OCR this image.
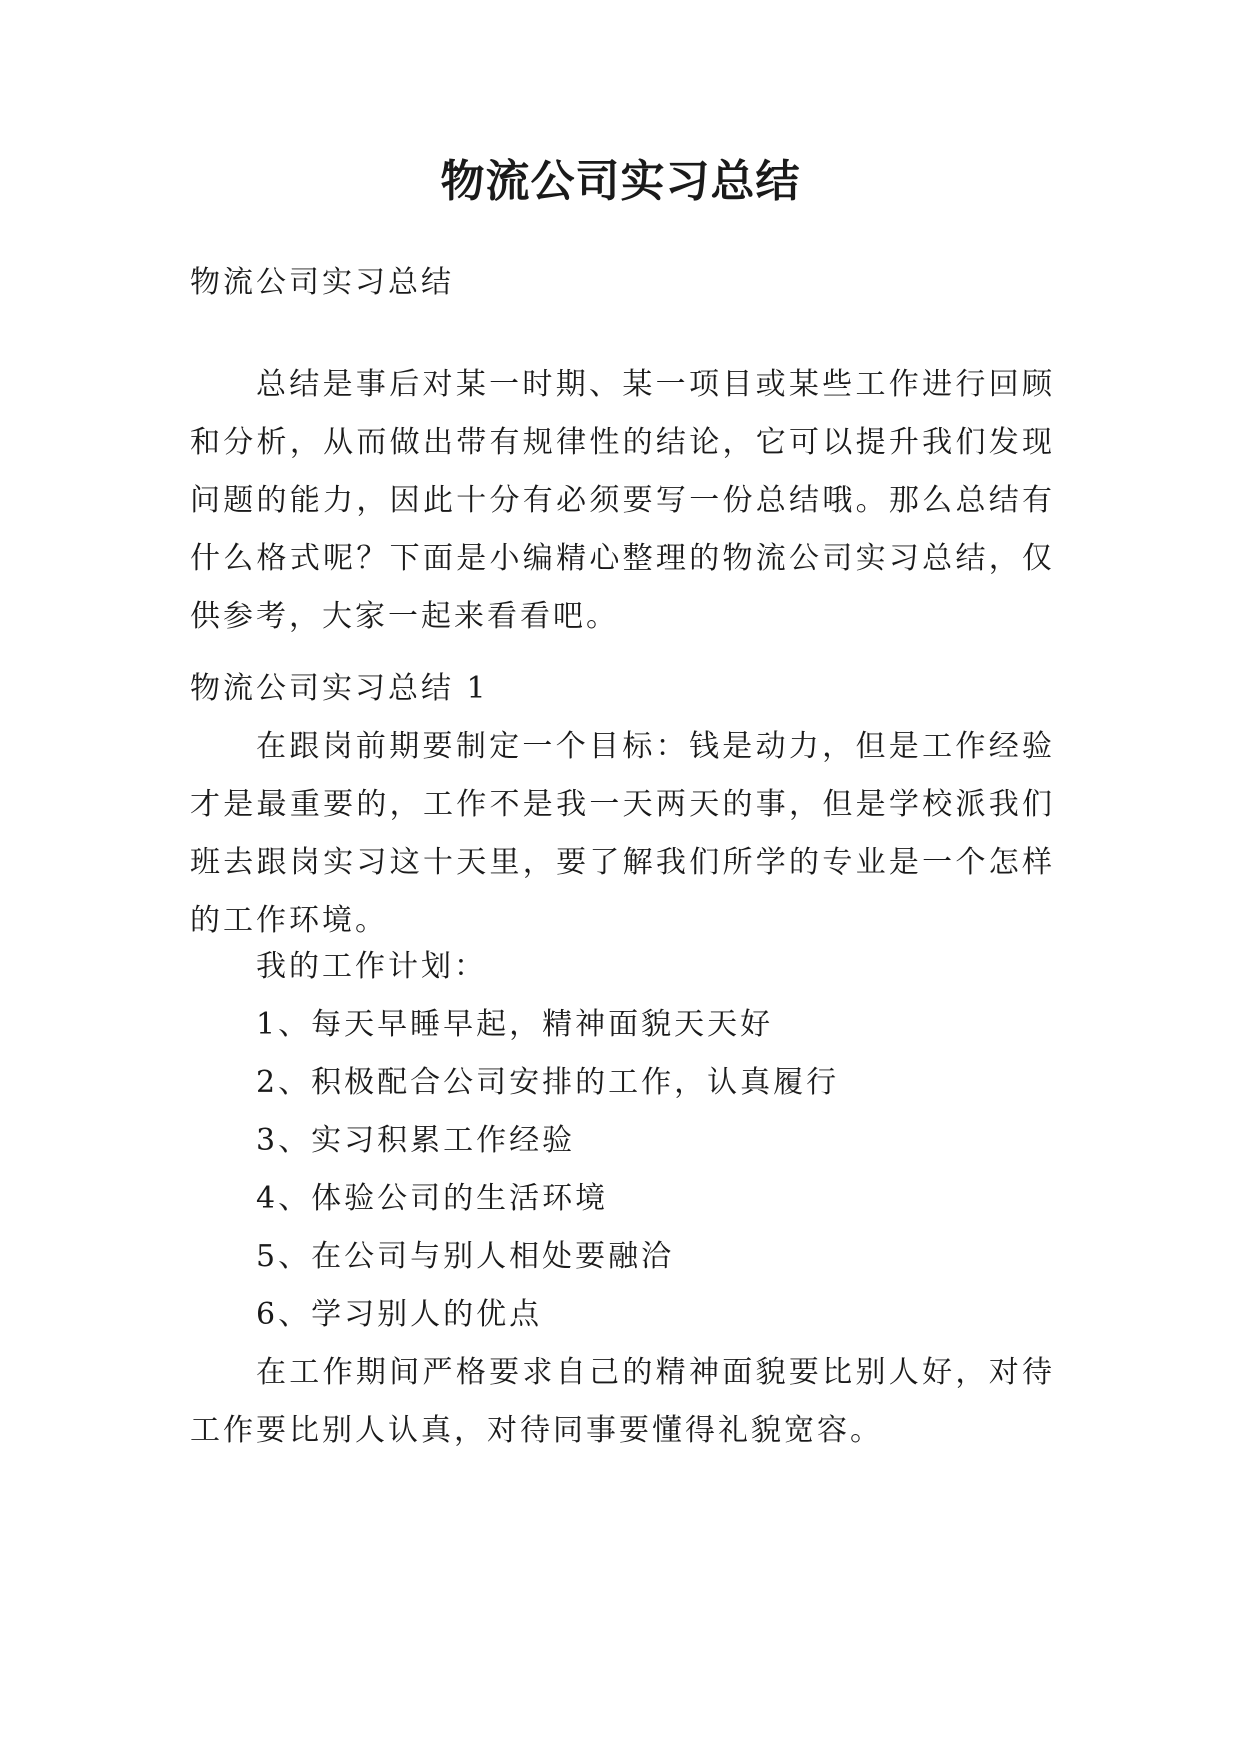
物流公司实习总结

物流公司实习总结

总结是事后对某一时期、某一项目或某些工作进行回顾和分析，从而做出带有规律性的结论，它可以提升我们发现问题的能力，因此十分有必须要写一份总结哦。那么总结有什么格式呢？下面是小编精心整理的物流公司实习总结，仅供参考，大家一起来看看吧。

物流公司实习总结 1

在跟岗前期要制定一个目标：钱是动力，但是工作经验才是最重要的，工作不是我一天两天的事，但是学校派我们班去跟岗实习这十天里，要了解我们所学的专业是一个怎样的工作环境。

我的工作计划：

1、每天早睡早起，精神面貌天天好

2、积极配合公司安排的工作，认真履行

3、实习积累工作经验

4、体验公司的生活环境

5、在公司与别人相处要融洽

6、学习别人的优点

在工作期间严格要求自己的精神面貌要比别人好，对待工作要比别人认真，对待同事要懂得礼貌宽容。
